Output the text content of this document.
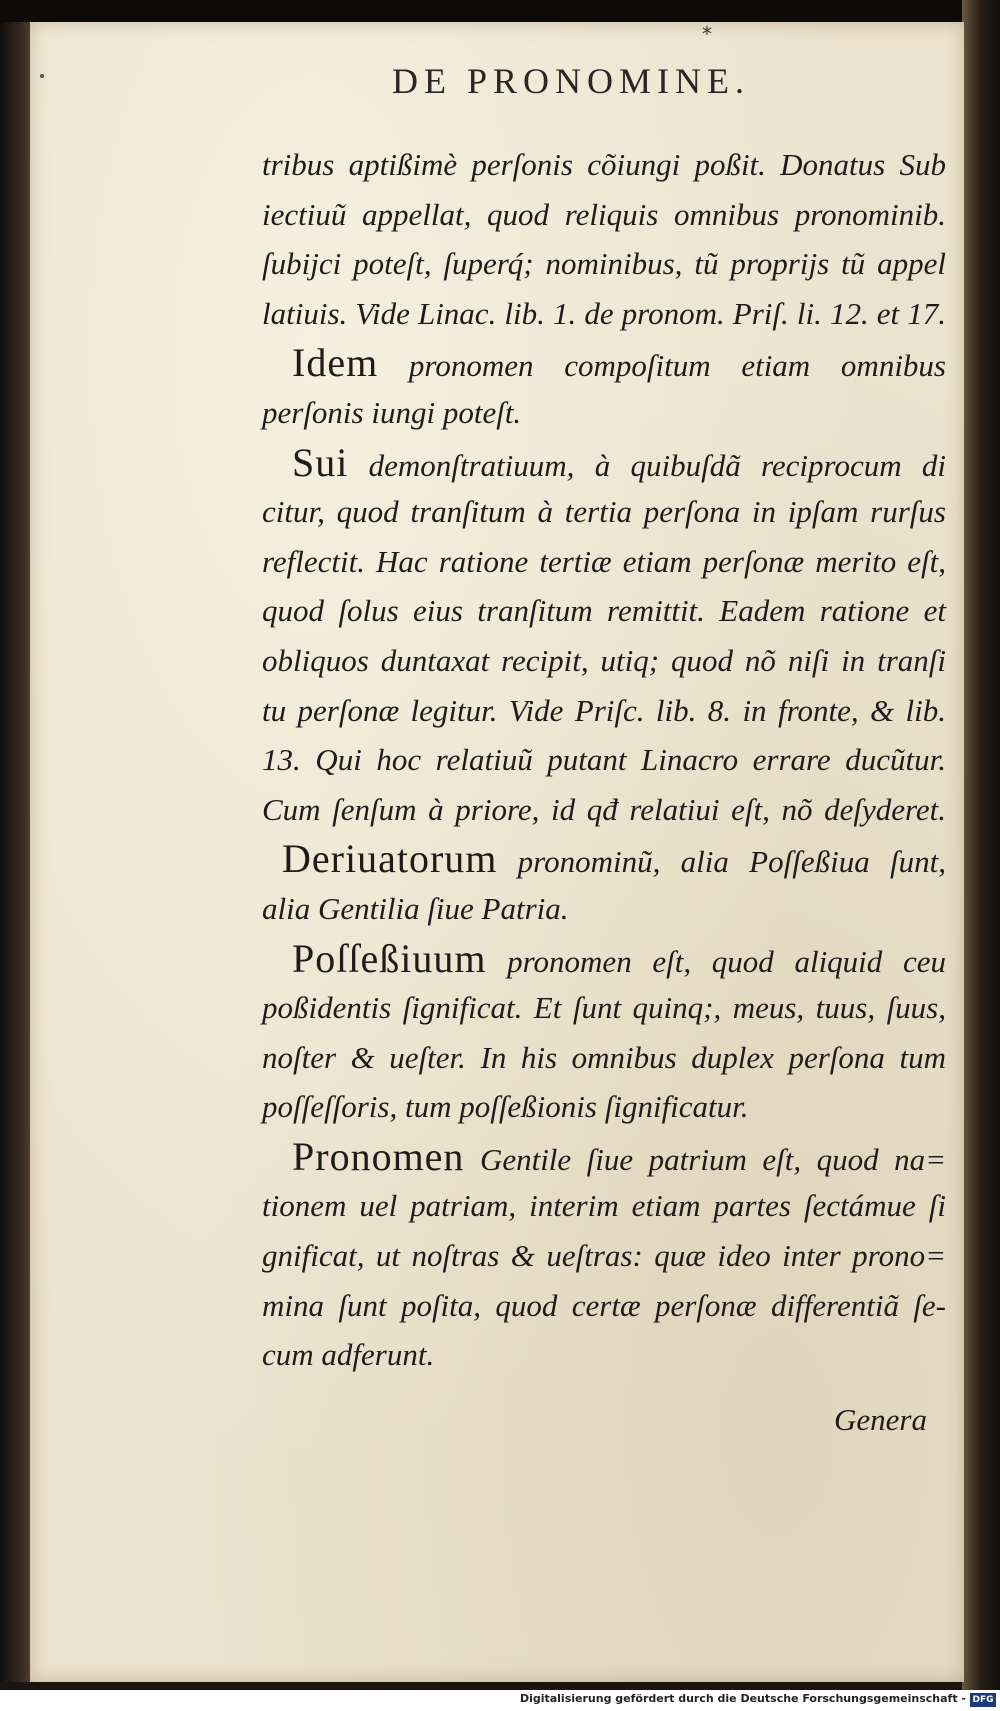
*
DE PRONOMINE.
tribus aptißimè perſonis cõiungi poßit. Donatus Sub
iectiuũ appellat, quod reliquis omnibus pronominib.
ſubijci poteſt, ſuperq́; nominibus, tũ proprijs tũ appel
latiuis. Vide Linac. lib. 1. de pronom. Priſ. li. 12. et 17.
Idem pronomen compoſitum etiam omnibus
perſonis iungi poteſt.
Sui demonſtratiuum, à quibuſdã reciprocum di
citur, quod tranſitum à tertia perſona in ipſam rurſus
reflectit. Hac ratione tertiæ etiam perſonæ merito eſt,
quod ſolus eius tranſitum remittit. Eadem ratione et
obliquos duntaxat recipit, utiq; quod nõ niſi in tranſi
tu perſonæ legitur. Vide Priſc. lib. 8. in fronte, & lib.
13. Qui hoc relatiuũ putant Linacro errare ducũtur.
Cum ſenſum à priore, id qđ relatiui eſt, nõ deſyderet.
Deriuatorum pronominũ, alia Poſſeßiua ſunt,
alia Gentilia ſiue Patria.
Poſſeßiuum pronomen eſt, quod aliquid ceu
poßidentis ſignificat. Et ſunt quinq;, meus, tuus, ſuus,
noſter & ueſter. In his omnibus duplex perſona tum
poſſeſſoris, tum poſſeßionis ſignificatur.
Pronomen Gentile ſiue patrium eſt, quod na=
tionem uel patriam, interim etiam partes ſectámue ſi
gnificat, ut noſtras & ueſtras: quæ ideo inter prono=
mina ſunt poſita, quod certæ perſonæ differentiã ſe-
cum adferunt.
Genera
Digitalisierung gefördert durch die Deutsche Forschungsgemeinschaft - DFG
